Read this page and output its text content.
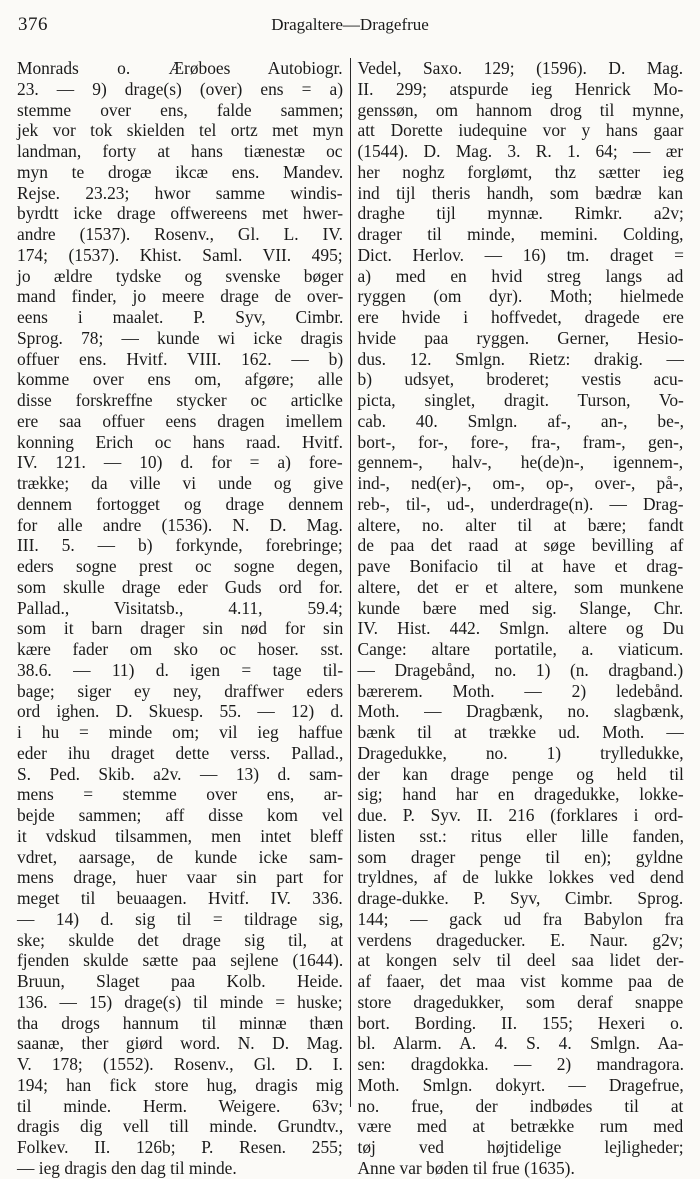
376	Dragaltere—Dragefrue
Monrads o. Ærøboes Autobiogr.
23. — 9) drage(s) (over) ens = a)
stemme over ens, falde sammen;
jek vor tok skielden tel ortz met myn
landman, forty at hans tiænestæ oc
myn te drogæ ikcæ ens. Mandev.
Rejse. 23.23; hwor samme windis-
byrdtt icke drage offwereens met hwer-
andre (1537). Rosenv., Gl. L. IV.
174; (1537). Khist. Saml. VII. 495;
jo ældre tydske og svenske bøger
mand finder, jo meere drage de over-
eens i maalet. P. Syv, Cimbr.
Sprog. 78; — kunde wi icke dragis
offuer ens. Hvitf. VIII. 162. — b)
komme over ens om, afgøre; alle
disse forskreffne stycker oc articlke
ere saa offuer eens dragen imellem
konning Erich oc hans raad. Hvitf.
IV. 121. — 10) d. for = a) fore-
trække; da ville vi unde og give
dennem fortogget og drage dennem
for alle andre (1536). N. D. Mag.
III. 5. — b) forkynde, forebringe;
eders sogne prest oc sogne degen,
som skulle drage eder Guds ord for.
Pallad., Visitatsb., 4.11, 59.4;
som it barn drager sin nød for sin
kære fader om sko oc hoser. sst.
38.6. — 11) d. igen = tage til-
bage; siger ey ney, draffwer eders
ord ighen. D. Skuesp. 55. — 12) d.
i hu = minde om; vil ieg haffue
eder ihu draget dette verss. Pallad.,
S. Ped. Skib. a2v. — 13) d. sam-
mens = stemme over ens, ar-
bejde sammen; aff disse kom vel
it vdskud tilsammen, men intet bleff
vdret, aarsage, de kunde icke sam-
mens drage, huer vaar sin part for
meget til beuaagen. Hvitf. IV. 336.
— 14) d. sig til = tildrage sig,
ske; skulde det drage sig til, at
fjenden skulde sætte paa sejlene (1644).
Bruun, Slaget paa Kolb. Heide.
136. — 15) drage(s) til minde = huske;
tha drogs hannum til minnæ thæn
saanæ, ther giørd word. N. D. Mag.
V. 178; (1552). Rosenv., Gl. D. I.
194; han fick store hug, dragis mig
til minde. Herm. Weigere. 63v;
dragis dig vell till minde. Grundtv.,
Folkev. II. 126b; P. Resen. 255;
— ieg dragis den dag til minde.
Vedel, Saxo. 129; (1596). D. Mag.
II. 299; atspurde ieg Henrick Mo-
genssøn, om hannom drog til mynne,
att Dorette iudequine vor y hans gaar
(1544). D. Mag. 3. R. 1. 64; — ær
her noghz forglømt, thz sætter ieg
ind tijl theris handh, som bædræ kan
draghe tijl mynnæ. Rimkr. a2v;
drager til minde, memini. Colding,
Dict. Herlov. — 16) tm. draget =
a) med en hvid streg langs ad
ryggen (om dyr). Moth; hielmede
ere hvide i hoffvedet, dragede ere
hvide paa ryggen. Gerner, Hesio-
dus. 12. Smlgn. Rietz: drakig. —
b) udsyet, broderet; vestis acu-
picta, singlet, dragit. Turson, Vo-
cab. 40. Smlgn. af-, an-, be-,
bort-, for-, fore-, fra-, fram-, gen-,
gennem-, halv-, he(de)n-, igennem-,
ind-, ned(er)-, om-, op-, over-, på-,
reb-, til-, ud-, underdrage(n). — Drag-
altere, no. alter til at bære; fandt
de paa det raad at søge bevilling af
pave Bonifacio til at have et drag-
altere, det er et altere, som munkene
kunde bære med sig. Slange, Chr.
IV. Hist. 442. Smlgn. altere og Du
Cange: altare portatile, a. viaticum.
— Dragebånd, no. 1) (n. dragband.)
bærerem. Moth. — 2) ledebånd.
Moth. — Dragbænk, no. slagbænk,
bænk til at trække ud. Moth. —
Dragedukke, no. 1) trylledukke,
der kan drage penge og held til
sig; hand har en dragedukke, lokke-
due. P. Syv. II. 216 (forklares i ord-
listen sst.: ritus eller lille fanden,
som drager penge til en); gyldne
tryldnes, af de lukke lokkes ved dend
drage-dukke. P. Syv, Cimbr. Sprog.
144; — gack ud fra Babylon fra
verdens drageducker. E. Naur. g2v;
at kongen selv til deel saa lidet der-
af faaer, det maa vist komme paa de
store dragedukker, som deraf snappe
bort. Bording. II. 155; Hexeri o.
bl. Alarm. A. 4. S. 4. Smlgn. Aa-
sen: dragdokka. — 2) mandragora.
Moth. Smlgn. dokyrt. — Dragefrue,
no. frue, der indbødes til at
være med at betrække rum med
tøj ved højtidelige lejligheder;
Anne var bøden til frue (1635).
